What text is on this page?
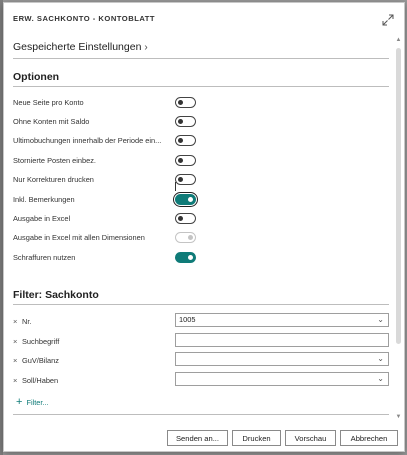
ERW. SACHKONTO - KONTOBLATT
Gespeicherte Einstellungen ›
Optionen
Neue Seite pro Konto
Ohne Konten mit Saldo
Ultimobuchungen innerhalb der Periode ein...
Stornierte Posten einbez.
Nur Korrekturen drucken
Inkl. Bemerkungen
Ausgabe in Excel
Ausgabe in Excel mit allen Dimensionen
Schraffuren nutzen
Filter: Sachkonto
× Nr.	1005	⌄
× Suchbegriff
× GuV/Bilanz	⌄
× Soll/Haben	⌄
+ Filter...
▲
▼
Senden an...	Drucken	Vorschau	Abbrechen
